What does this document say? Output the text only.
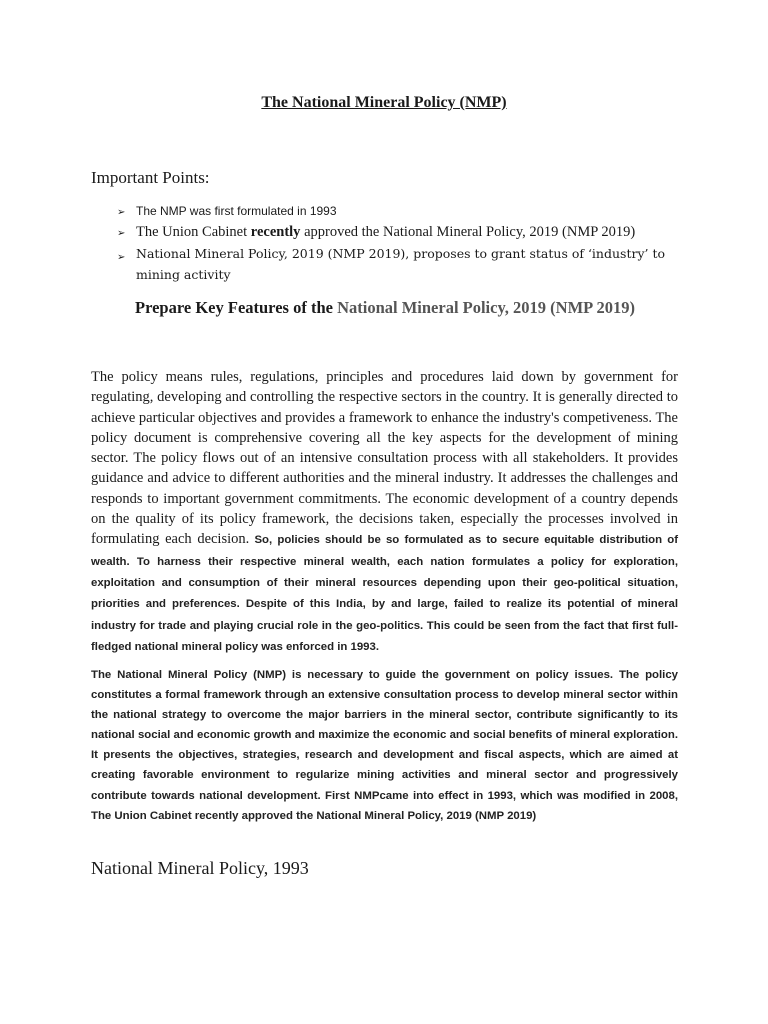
The National Mineral Policy (NMP)

Important Points:

➢ The NMP was first formulated in 1993
➢ The Union Cabinet recently approved the National Mineral Policy, 2019 (NMP 2019)
➢ National Mineral Policy, 2019 (NMP 2019), proposes to grant status of ‘industry’ to mining activity
Prepare Key Features of the National Mineral Policy, 2019 (NMP 2019)

The policy means rules, regulations, principles and procedures laid down by government for regulating, developing and controlling the respective sectors in the country. It is generally directed to achieve particular objectives and provides a framework to enhance the industry's competiveness. The policy document is comprehensive covering all the key aspects for the development of mining sector. The policy flows out of an intensive consultation process with all stakeholders. It provides guidance and advice to different authorities and the mineral industry. It addresses the challenges and responds to important government commitments. The economic development of a country depends on the quality of its policy framework, the decisions taken, especially the processes involved in formulating each decision. So, policies should be so formulated as to secure equitable distribution of wealth. To harness their respective mineral wealth, each nation formulates a policy for exploration, exploitation and consumption of their mineral resources depending upon their geo-political situation, priorities and preferences. Despite of this India, by and large, failed to realize its potential of mineral industry for trade and playing crucial role in the geo-politics. This could be seen from the fact that first full-fledged national mineral policy was enforced in 1993.

The National Mineral Policy (NMP) is necessary to guide the government on policy issues. The policy constitutes a formal framework through an extensive consultation process to develop mineral sector within the national strategy to overcome the major barriers in the mineral sector, contribute significantly to its national social and economic growth and maximize the economic and social benefits of mineral exploration. It presents the objectives, strategies, research and development and fiscal aspects, which are aimed at creating favorable environment to regularize mining activities and mineral sector and progressively contribute towards national development. First NMPcame into effect in 1993, which was modified in 2008, The Union Cabinet recently approved the National Mineral Policy, 2019 (NMP 2019)

National Mineral Policy, 1993
